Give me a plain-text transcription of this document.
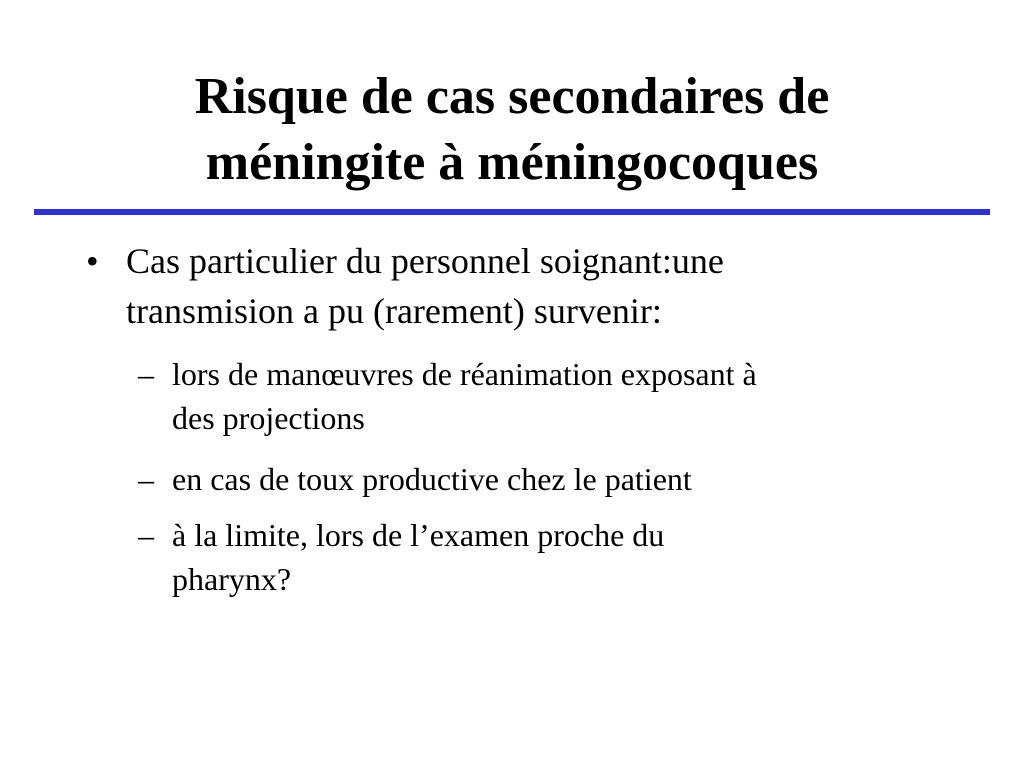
Risque de cas secondaires de
méningite à méningocoques
• Cas particulier du personnel soignant:une
transmision a pu (rarement) survenir:
– lors de manœuvres de réanimation exposant à
des projections
– en cas de toux productive chez le patient
– à la limite, lors de l’examen proche du
pharynx?
